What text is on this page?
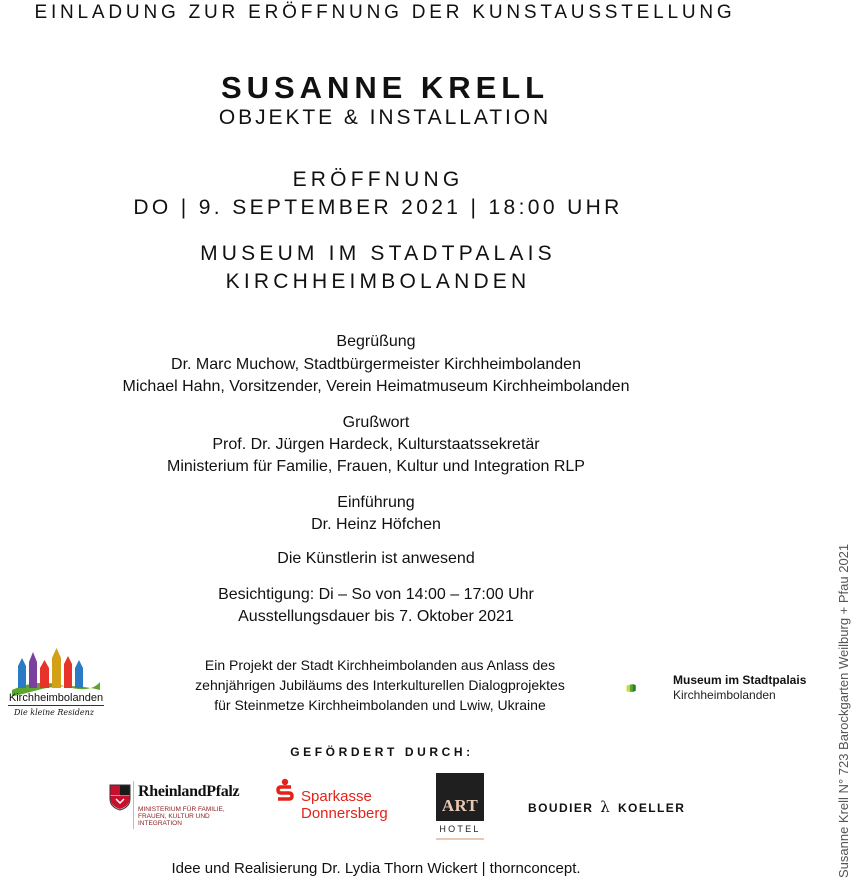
EINLADUNG ZUR ERÖFFNUNG DER KUNSTAUSSTELLUNG
SUSANNE KRELL
OBJEKTE & INSTALLATION
ERÖFFNUNG
DO | 9. SEPTEMBER 2021 | 18:00 UHR
MUSEUM IM STADTPALAIS
KIRCHHEIMBOLANDEN
Begrüßung
Dr. Marc Muchow, Stadtbürgermeister Kirchheimbolanden
Michael Hahn, Vorsitzender, Verein Heimatmuseum Kirchheimbolanden
Grußwort
Prof. Dr. Jürgen Hardeck, Kulturstaatssekretär
Ministerium für Familie, Frauen, Kultur und Integration RLP
Einführung
Dr. Heinz Höfchen
Die Künstlerin ist anwesend
Besichtigung: Di – So von 14:00 – 17:00 Uhr
Ausstellungsdauer bis 7. Oktober 2021
Kirchheimbolanden
Die kleine Residenz
Ein Projekt der Stadt Kirchheimbolanden aus Anlass des
zehnjährigen Jubiläums des Interkulturellen Dialogprojektes
für Steinmetze Kirchheimbolanden und Lwiw, Ukraine
Museum im Stadtpalais
Kirchheimbolanden
GEFÖRDERT DURCH:
RheinlandPfalz
MINISTERIUM FÜR FAMILIE, FRAUEN, KULTUR UND INTEGRATION
Sparkasse
Donnersberg	ART
HOTEL
BOUDIER λ KOELLER
Idee und Realisierung Dr. Lydia Thorn Wickert | thornconcept.	Susanne Krell N° 723 Barockgarten Weilburg + Pfau 2021
